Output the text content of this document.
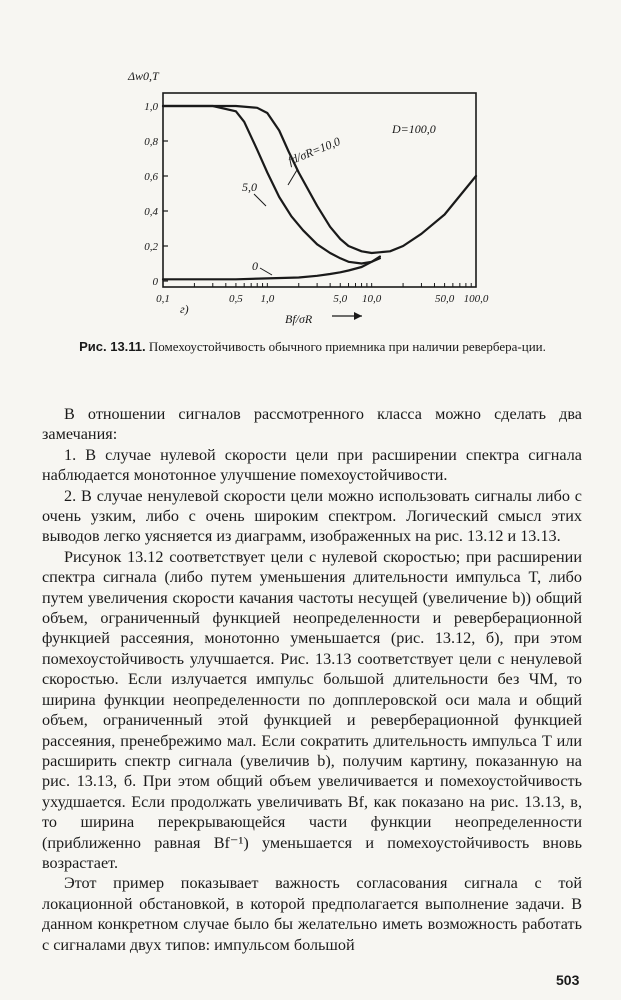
0
0,2
0,4
0,6
0,8
1,0
0,1	0,5 1,0	5,0 10,0	50,0 100,0
Δw0,T
Bf/σR
г)
D=100,0
fd/σR=10,0
5,0
0
Рис. 13.11. Помехоустойчивость обычного приемника при наличии ревербера-ции.

В отношении сигналов рассмотренного класса можно сделать два замечания:

1. В случае нулевой скорости цели при расширении спектра сигнала наблюдается монотонное улучшение помехоустойчивости.

2. В случае ненулевой скорости цели можно использовать сигналы либо с очень узким, либо с очень широким спектром. Логический смысл этих выводов легко уясняется из диаграмм, изображенных на рис. 13.12 и 13.13.

Рисунок 13.12 соответствует цели с нулевой скоростью; при расширении спектра сигнала (либо путем уменьшения длительности импульса T, либо путем увеличения скорости качания частоты несущей (увеличение b)) общий объем, ограниченный функцией неопределенности и реверберационной функцией рассеяния, монотонно уменьшается (рис. 13.12, б), при этом помехоустойчивость улучшается. Рис. 13.13 соответствует цели с ненулевой скоростью. Если излучается импульс большой длительности без ЧМ, то ширина функции неопределенности по допплеровской оси мала и общий объем, ограниченный этой функцией и реверберационной функцией рассеяния, пренебрежимо мал. Если сократить длительность импульса T или расширить спектр сигнала (увеличив b), получим картину, показанную на рис. 13.13, б. При этом общий объем увеличивается и помехоустойчивость ухудшается. Если продолжать увеличивать Bf, как показано на рис. 13.13, в, то ширина перекрывающейся части функции неопределенности (приближенно равная Bf⁻¹) уменьшается и помехоустойчивость вновь возрастает.

Этот пример показывает важность согласования сигнала с той локационной обстановкой, в которой предполагается выполнение задачи. В данном конкретном случае было бы желательно иметь возможность работать с сигналами двух типов: импульсом большой

503
